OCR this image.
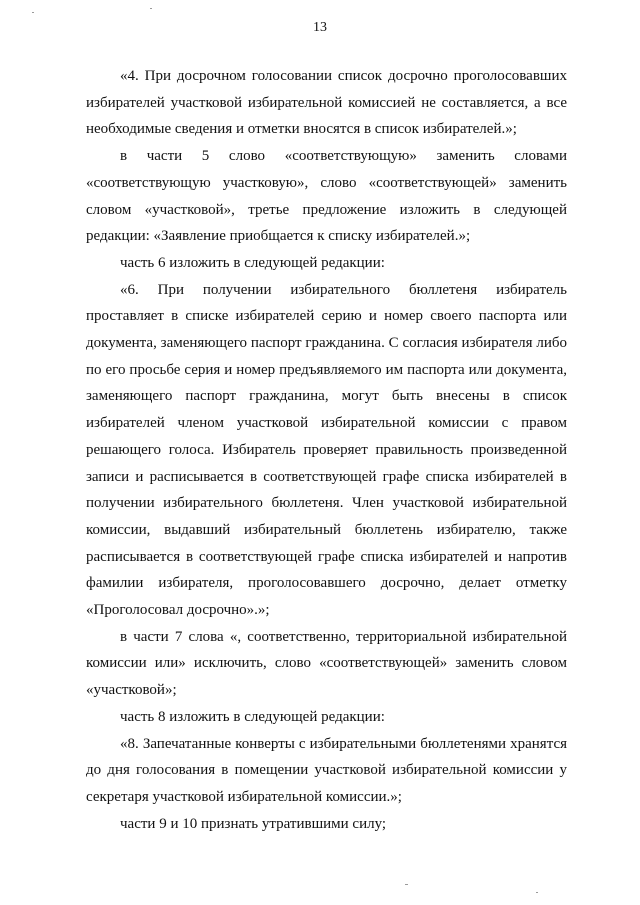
13

«4. При досрочном голосовании список досрочно проголосовавших избирателей участковой избирательной комиссией не составляется, а все необходимые сведения и отметки вносятся в список избирателей.»;

в части 5 слово «соответствующую» заменить словами «соответствующую участковую», слово «соответствующей» заменить словом «участковой», третье предложение изложить в следующей редакции: «Заявление приобщается к списку избирателей.»;

часть 6 изложить в следующей редакции:

«6. При получении избирательного бюллетеня избиратель проставляет в списке избирателей серию и номер своего паспорта или документа, заменяющего паспорт гражданина. С согласия избирателя либо по его просьбе серия и номер предъявляемого им паспорта или документа, заменяющего паспорт гражданина, могут быть внесены в список избирателей членом участковой избирательной комиссии с правом решающего голоса. Избиратель проверяет правильность произведенной записи и расписывается в соответствующей графе списка избирателей в получении избирательного бюллетеня. Член участковой избирательной комиссии, выдавший избирательный бюллетень избирателю, также расписывается в соответствующей графе списка избирателей и напротив фамилии избирателя, проголосовавшего досрочно, делает отметку «Проголосовал досрочно».»;

в части 7 слова «, соответственно, территориальной избирательной комиссии или» исключить, слово «соответствующей» заменить словом «участковой»;

часть 8 изложить в следующей редакции:

«8. Запечатанные конверты с избирательными бюллетенями хранятся до дня голосования в помещении участковой избирательной комиссии у секретаря участковой избирательной комиссии.»;

части 9 и 10 признать утратившими силу;
